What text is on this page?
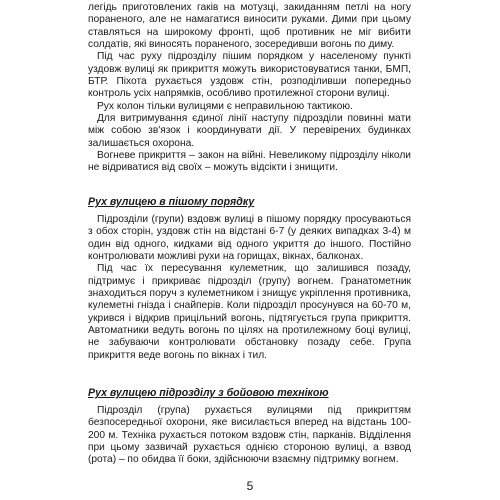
легідь приготовлених гаків на мотузці, закиданням петлі на ногу пораненого, але не намагатися виносити руками. Дими при цьому ставляться на широкому фронті, щоб противник не міг вибити солдатів, які виносять пораненого, зосередивши вогонь по диму.

Під час руху підрозділу пішим порядком у населеному пункті уздовж вулиці як прикриття можуть використовуватися танки, БМП, БТР. Піхота рухається уздовж стін, розподіливши попередньо контроль усіх напрямків, особливо протилежної сторони вулиці.

Рух колон тільки вулицями є неправильною тактикою.

Для витримування єдиної лінії наступу підрозділи повинні мати між собою зв'язок і координувати дії. У перевірених будинках залишається охорона.

Вогневе прикриття – закон на війні. Невеликому підрозділу ніколи не відриватися від своїх – можуть відсікти і знищити.

Рух вулицею в пішому порядку

Підрозділи (групи) вздовж вулиці в пішому порядку просуваються з обох сторін, уздовж стін на відстані 6-7 (у деяких випадках 3-4) м один від одного, кидками від одного укриття до іншого. Постійно контролювати можливі рухи на горищах, вікнах, балконах.

Під час їх пересування кулеметник, що залишився позаду, підтримує і прикриває підрозділ (групу) вогнем. Гранатометник знаходиться поруч з кулеметником і знищує укріплення противника, кулеметні гнізда і снайперів. Коли підрозділ просунувся на 60-70 м, укрився і відкрив прицільний вогонь, підтягується група прикриття. Автоматники ведуть вогонь по цілях на протилежному боці вулиці, не забуваючи контролювати обстановку позаду себе. Група прикриття веде вогонь по вікнах і тил.

Рух вулицею підрозділу з бойовою технікою

Підрозділ (група) рухається вулицями під прикриттям безпосередньої охорони, яке висилається вперед на відстань 100-200 м. Техніка рухається потоком вздовж стін, парканів. Відділення при цьому зазвичай рухається однією стороною вулиці, а взвод (рота) – по обидва її боки, здійснюючи взаємну підтримку вогнем.

5
